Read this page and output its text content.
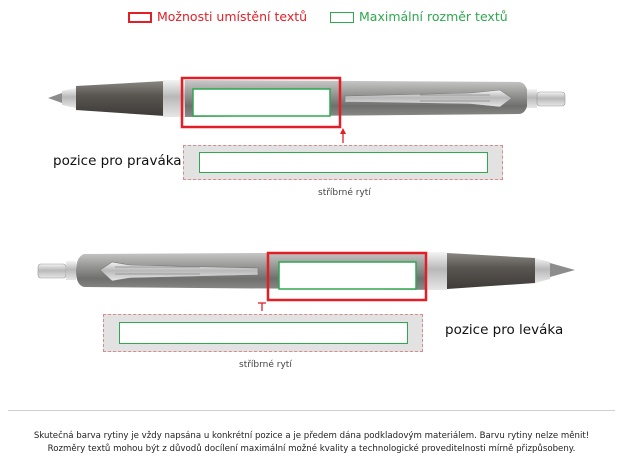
Možnosti umístění textů	Maximální rozměr textů
pozice pro praváka
stříbrné rytí
pozice pro leváka
stříbrné rytí
Skutečná barva rytiny je vždy napsána u konkrétní pozice a je předem dána podkladovým materiálem. Barvu rytiny nelze měnit!
Rozměry textů mohou být z důvodů docílení maximální možné kvality a technologické proveditelnosti mírně přizpůsobeny.
